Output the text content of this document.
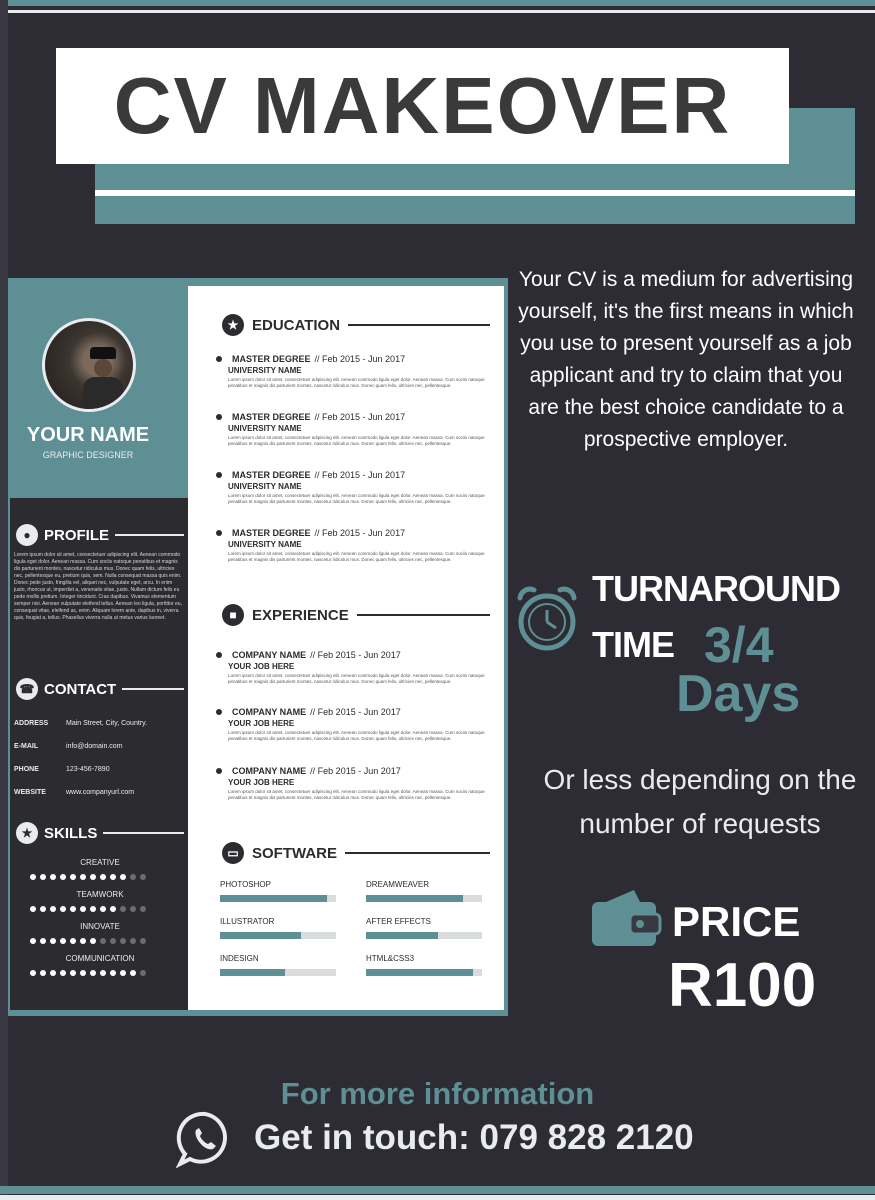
CV MAKEOVER
YOUR NAME
GRAPHIC DESIGNER
● PROFILE
Lorem ipsum dolor sit amet, consectetuer adipiscing elit. Aenean commodo ligula eget dolor. Aenean massa. Cum sociis natoque penatibus et magnis dis parturient montes, nascetur ridiculus mus. Donec quam felis, ultricies nec, pellentesque eu, pretium quis, sem. Nulla consequat massa quis enim. Donec pede justo, fringilla vel, aliquet nec, vulputate eget, arcu. In enim justo, rhoncus ut, imperdiet a, venenatis vitae, justo. Nullam dictum felis eu pede mollis pretium. Integer tincidunt. Cras dapibus. Vivamus elementum semper nisi. Aenean vulputate eleifend tellus. Aenean leo ligula, porttitor eu, consequat vitae, eleifend ac, enim. Aliquam lorem ante, dapibus in, viverra quis, feugiat a, tellus. Phasellus viverra nulla ut metus varius laoreet.
☎ CONTACT
ADDRESS	Main Street, City, Country.
E-MAIL	info@domain.com
PHONE	123-456-7890
WEBSITE	www.companyurl.com
★ SKILLS
CREATIVE
TEAMWORK
INNOVATE
COMMUNICATION
★ EDUCATION
MASTER DEGREE // Feb 2015 - Jun 2017
UNIVERSITY NAME
Lorem ipsum dolor sit amet, consectetuer adipiscing elit. Aenean commodo ligula eget dolor. Aenean massa. Cum sociis natoque penatibus et magnis dis parturient montes, nascetur ridiculus mus. Donec quam felis, ultricies nec, pellentesque.
MASTER DEGREE // Feb 2015 - Jun 2017
UNIVERSITY NAME
Lorem ipsum dolor sit amet, consectetuer adipiscing elit. Aenean commodo ligula eget dolor. Aenean massa. Cum sociis natoque penatibus et magnis dis parturient montes, nascetur ridiculus mus. Donec quam felis, ultricies nec, pellentesque.
MASTER DEGREE // Feb 2015 - Jun 2017
UNIVERSITY NAME
Lorem ipsum dolor sit amet, consectetuer adipiscing elit. Aenean commodo ligula eget dolor. Aenean massa. Cum sociis natoque penatibus et magnis dis parturient montes, nascetur ridiculus mus. Donec quam felis, ultricies nec, pellentesque.
MASTER DEGREE // Feb 2015 - Jun 2017
UNIVERSITY NAME
Lorem ipsum dolor sit amet, consectetuer adipiscing elit. Aenean commodo ligula eget dolor. Aenean massa. Cum sociis natoque penatibus et magnis dis parturient montes, nascetur ridiculus mus. Donec quam felis, ultricies nec, pellentesque.
■	EXPERIENCE
COMPANY NAME // Feb 2015 - Jun 2017
YOUR JOB HERE
Lorem ipsum dolor sit amet, consectetuer adipiscing elit. Aenean commodo ligula eget dolor. Aenean massa. Cum sociis natoque penatibus et magnis dis parturient montes, nascetur ridiculus mus. Donec quam felis, ultricies nec, pellentesque.
COMPANY NAME // Feb 2015 - Jun 2017
YOUR JOB HERE
Lorem ipsum dolor sit amet, consectetuer adipiscing elit. Aenean commodo ligula eget dolor. Aenean massa. Cum sociis natoque penatibus et magnis dis parturient montes, nascetur ridiculus mus. Donec quam felis, ultricies nec, pellentesque.
COMPANY NAME // Feb 2015 - Jun 2017
YOUR JOB HERE
Lorem ipsum dolor sit amet, consectetuer adipiscing elit. Aenean commodo ligula eget dolor. Aenean massa. Cum sociis natoque penatibus et magnis dis parturient montes, nascetur ridiculus mus. Donec quam felis, ultricies nec, pellentesque.
▭ SOFTWARE
PHOTOSHOP	DREAMWEAVER
ILLUSTRATOR	AFTER EFFECTS
INDESIGN	HTML&CSS3
Your CV is a medium for advertising yourself, it's the first means in which you use to present yourself as a job applicant and try to claim that you are the best choice candidate to a prospective employer.
TURNAROUND
TIME 3/4
Days
Or less depending on the number of requests
PRICE
R100
For more information
Get in touch: 079 828 2120
